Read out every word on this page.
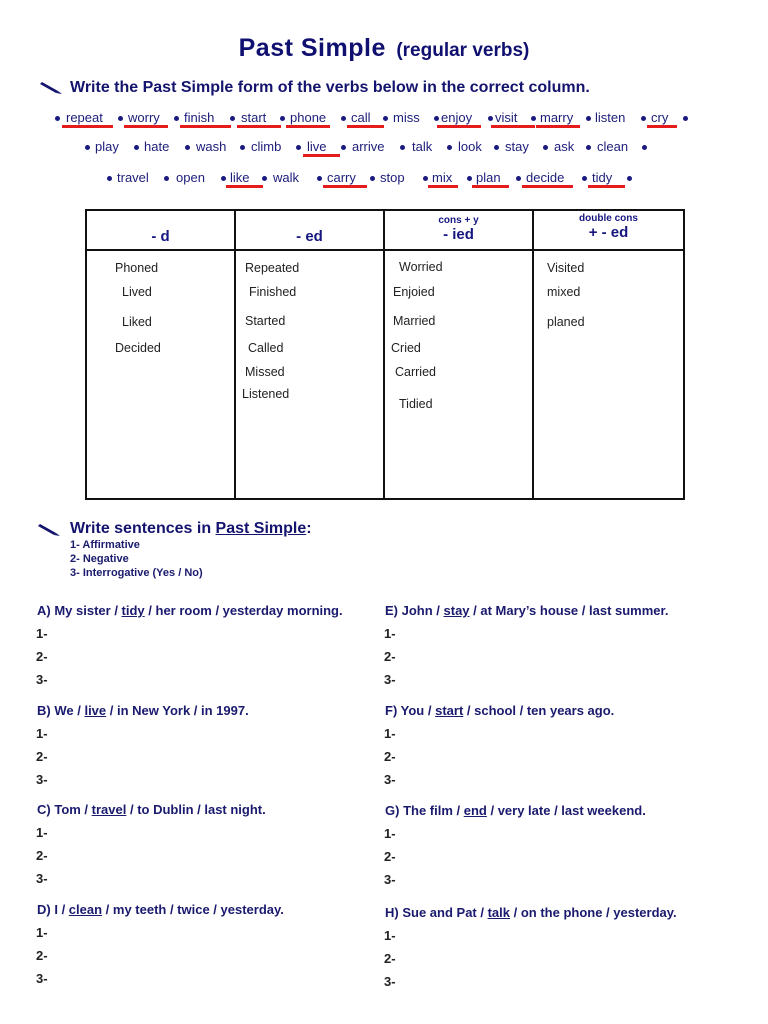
Past Simple (regular verbs)
Write the Past Simple form of the verbs below in the correct column.
repeat worry finish start phone call miss enjoy visit marry listen cry
play hate wash climb live arrive talk look stay ask clean
travel open like walk carry stop mix plan decide tidy
- d	- ed
cons + y
- ied
double cons
+ - ed
Phoned
Lived
Liked
Decided
Repeated
Finished
Started
Called
Missed
Listened
Worried
Enjoied
Married
Cried
Carried
Tidied
Visited
mixed
planed
Write sentences in Past Simple:
1- Affirmative
2- Negative
3- Interrogative (Yes / No)
A) My sister / tidy / her room / yesterday morning.
1-
2-
3-
B) We / live / in New York / in 1997.
1-
2-
3-
C) Tom / travel / to Dublin / last night.
1-
2-
3-
D) I / clean / my teeth / twice / yesterday.
1-
2-
3-
E) John / stay / at Mary’s house / last summer.
1-
2-
3-
F) You / start / school / ten years ago.
1-
2-
3-
G) The film / end / very late / last weekend.
1-
2-
3-
H) Sue and Pat / talk / on the phone / yesterday.
1-
2-
3-
